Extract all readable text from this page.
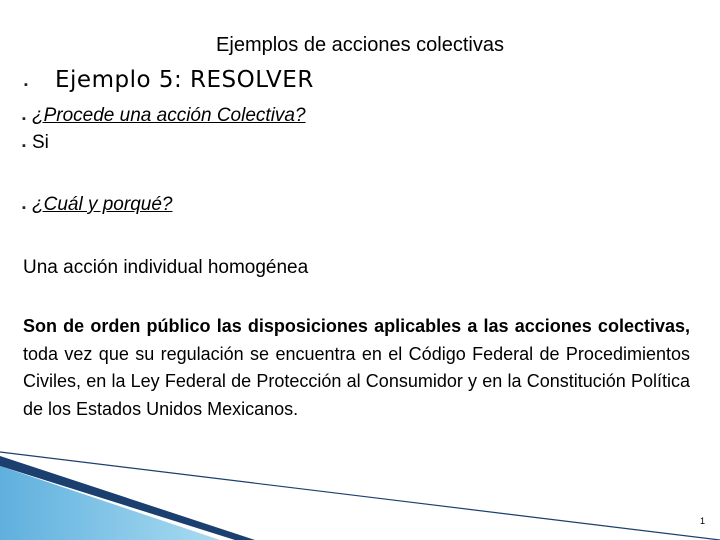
Ejemplos de acciones colectivas
▪ Ejemplo 5: RESOLVER
▪ ¿Procede una acción Colectiva?
▪ Si
▪ ¿Cuál y porqué?
Una acción individual homogénea
Son de orden público las disposiciones aplicables a las acciones colectivas, toda vez que su regulación se encuentra en el Código Federal de Procedimientos Civiles, en la Ley Federal de Protección al Consumidor y en la Constitución Política de los Estados Unidos Mexicanos.
1
